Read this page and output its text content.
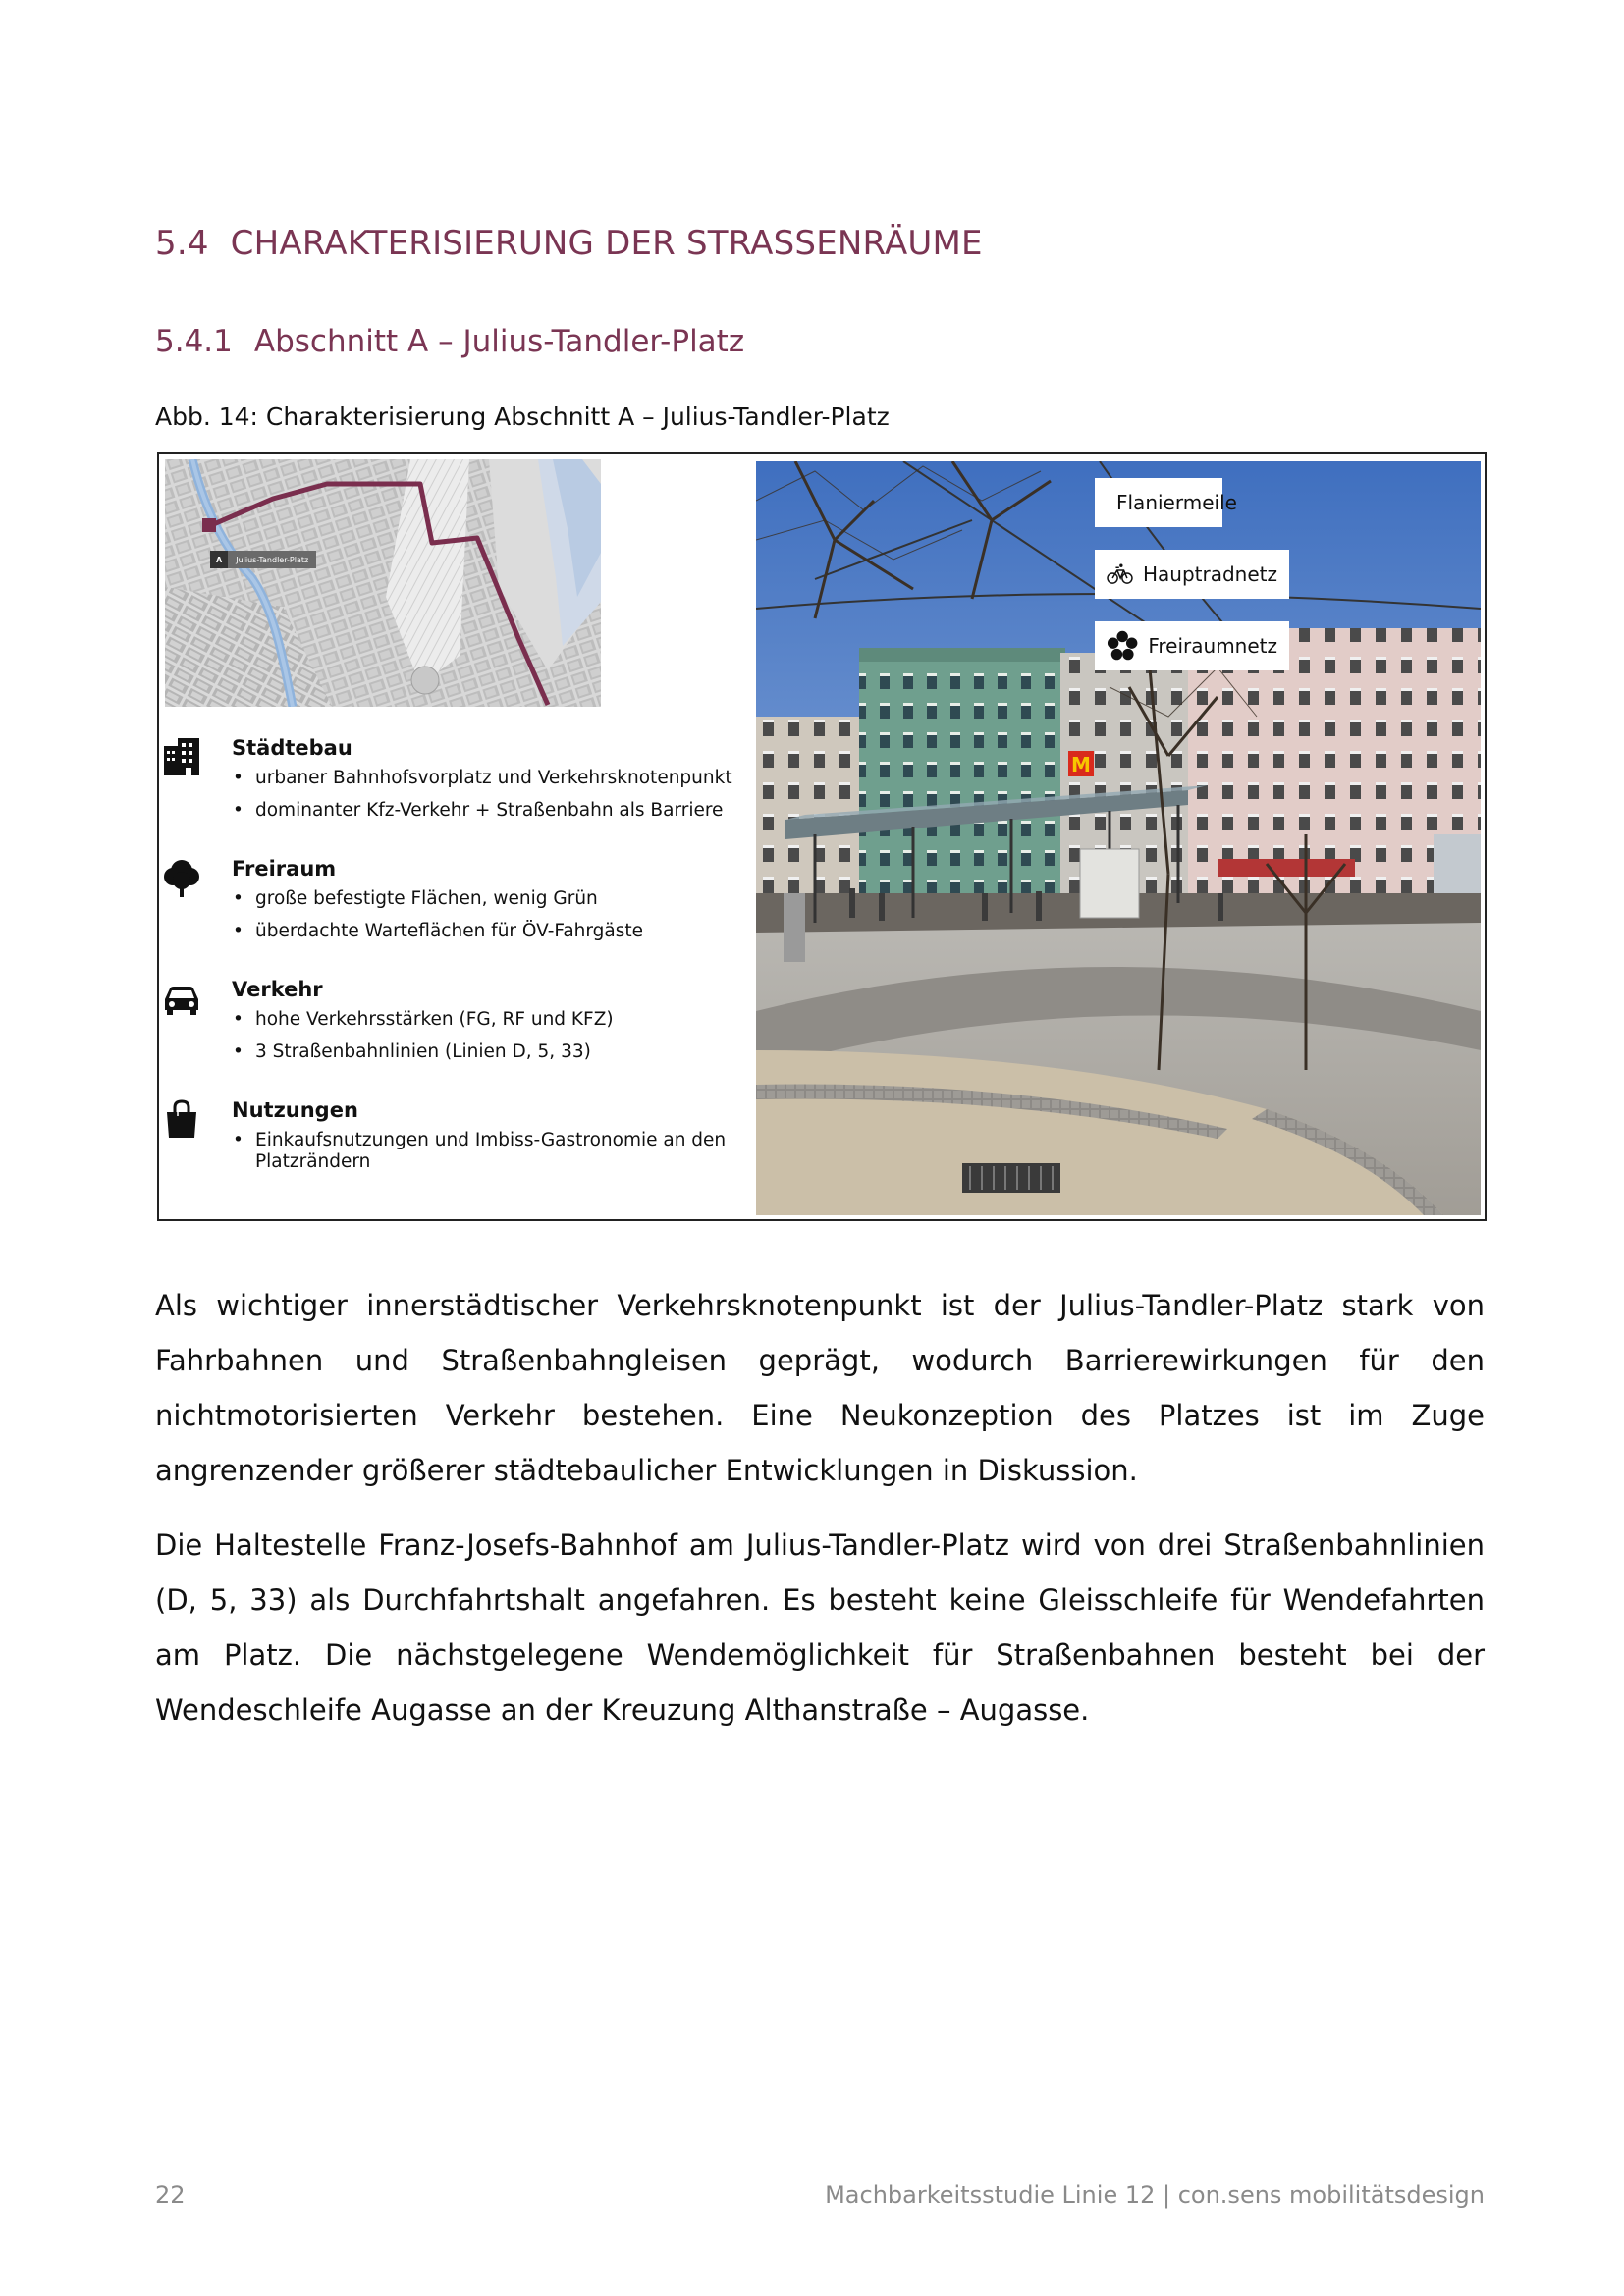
5.4 CHARAKTERISIERUNG DER STRASSENRÄUME
5.4.1 Abschnitt A – Julius-Tandler-Platz
Abb. 14: Charakterisierung Abschnitt A – Julius-Tandler-Platz
A	Julius-Tandler-Platz
Städtebau
• urbaner Bahnhofsvorplatz und Verkehrsknotenpunkt
• dominanter Kfz-Verkehr + Straßenbahn als Barriere
Freiraum
• große befestigte Flächen, wenig Grün
• überdachte Warteflächen für ÖV-Fahrgäste
Verkehr
• hohe Verkehrsstärken (FG, RF und KFZ)
• 3 Straßenbahnlinien (Linien D, 5, 33)
Nutzungen
• Einkaufsnutzungen und Imbiss-Gastronomie an den Platzrändern
M
Flaniermeile
Hauptradnetz
Freiraumnetz

Als wichtiger innerstädtischer Verkehrsknotenpunkt ist der Julius-Tandler-Platz stark von Fahrbahnen und Straßenbahngleisen geprägt, wodurch Barrierewirkungen für den nichtmotorisierten Verkehr bestehen. Eine Neukonzeption des Platzes ist im Zuge angrenzender größerer städtebaulicher Entwicklungen in Diskussion.

Die Haltestelle Franz-Josefs-Bahnhof am Julius-Tandler-Platz wird von drei Straßenbahnlinien (D, 5, 33) als Durchfahrtshalt angefahren. Es besteht keine Gleisschleife für Wendefahrten am Platz. Die nächstgelegene Wendemöglichkeit für Straßenbahnen besteht bei der Wendeschleife Augasse an der Kreuzung Althanstraße – Augasse.

22	Machbarkeitsstudie Linie 12 | con.sens mobilitätsdesign
